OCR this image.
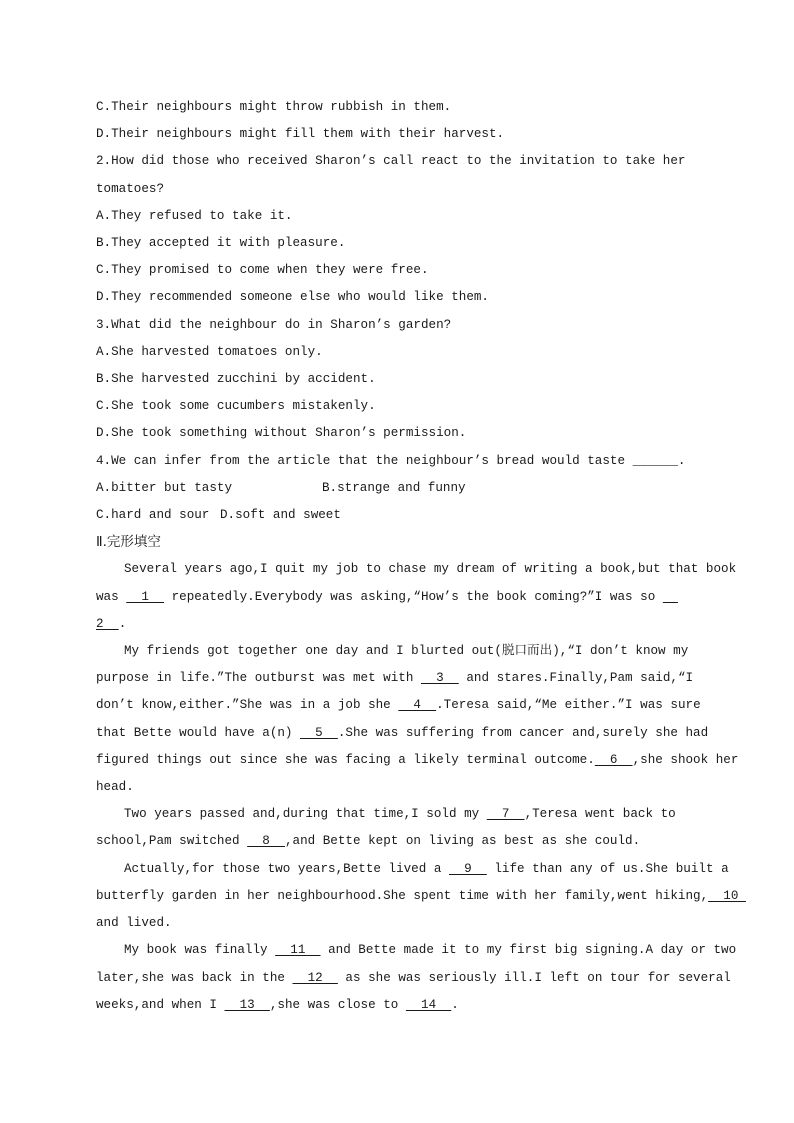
C.Their neighbours might throw rubbish in them.
D.Their neighbours might fill them with their harvest.
2.How did those who received Sharon’s call react to the invitation to take her
tomatoes?
A.They refused to take it.
B.They accepted it with pleasure.
C.They promised to come when they were free.
D.They recommended someone else who would like them.
3.What did the neighbour do in Sharon’s garden?
A.She harvested tomatoes only.
B.She harvested zucchini by accident.
C.She took some cucumbers mistakenly.
D.She took something without Sharon’s permission.
4.We can infer from the article that the neighbour’s bread would taste ______.
A.bitter but tasty	B.strange and funny
C.hard and sour D.soft and sweet
Ⅱ.完形填空
Several years ago,I quit my job to chase my dream of writing a book,but that book
was   1   repeatedly.Everybody was asking,“How’s the book coming?”I was so
2  .
My friends got together one day and I blurted out(脱口而出),“I don’t know my
purpose in life.”The outburst was met with   3   and stares.Finally,Pam said,“I
don’t know,either.”She was in a job she   4  .Teresa said,“Me either.”I was sure
that Bette would have a(n)   5  .She was suffering from cancer and,surely she had
figured things out since she was facing a likely terminal outcome.  6  ,she shook her
head.
Two years passed and,during that time,I sold my   7  ,Teresa went back to
school,Pam switched   8  ,and Bette kept on living as best as she could.
Actually,for those two years,Bette lived a   9   life than any of us.She built a
butterfly garden in her neighbourhood.She spent time with her family,went hiking,  10
and lived.
My book was finally   11   and Bette made it to my first big signing.A day or two
later,she was back in the   12   as she was seriously ill.I left on tour for several
weeks,and when I   13  ,she was close to   14  .
